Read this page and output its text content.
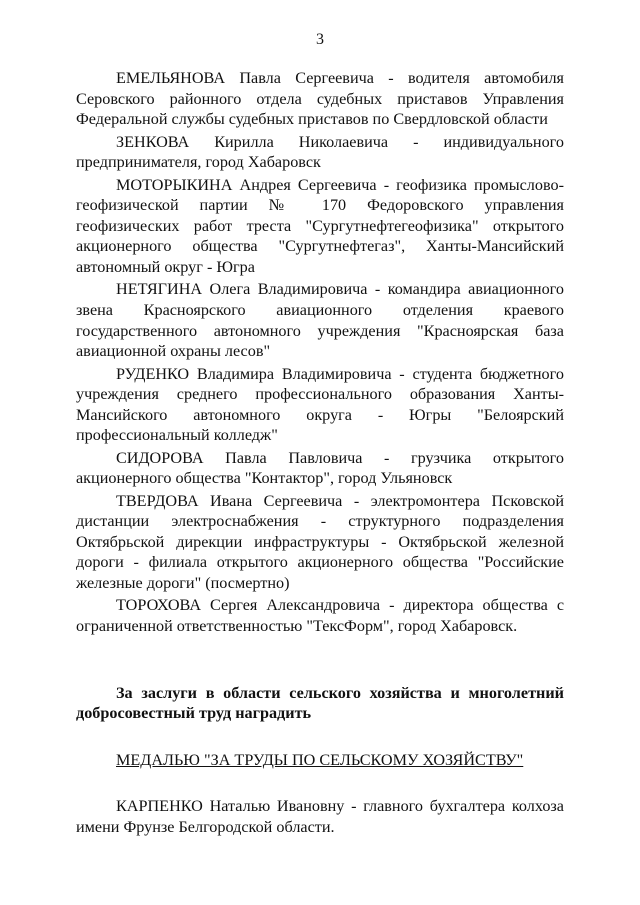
3

ЕМЕЛЬЯНОВА Павла Сергеевича - водителя автомобиля Серовского районного отдела судебных приставов Управления Федеральной службы судебных приставов по Свердловской области

ЗЕНКОВА Кирилла Николаевича - индивидуального предпринимателя, город Хабаровск

МОТОРЫКИНА Андрея Сергеевича - геофизика промыслово-геофизической партии № 170 Федоровского управления геофизических работ треста "Сургутнефтегеофизика" открытого акционерного общества "Сургутнефтегаз", Ханты-Мансийский автономный округ - Югра

НЕТЯГИНА Олега Владимировича - командира авиационного звена Красноярского авиационного отделения краевого государственного автономного учреждения "Красноярская база авиационной охраны лесов"

РУДЕНКО Владимира Владимировича - студента бюджетного учреждения среднего профессионального образования Ханты-Мансийского автономного округа - Югры "Белоярский профессиональный колледж"

СИДОРОВА Павла Павловича - грузчика открытого акционерного общества "Контактор", город Ульяновск

ТВЕРДОВА Ивана Сергеевича - электромонтера Псковской дистанции электроснабжения - структурного подразделения Октябрьской дирекции инфраструктуры - Октябрьской железной дороги - филиала открытого акционерного общества "Российские железные дороги" (посмертно)

ТОРОХОВА Сергея Александровича - директора общества с ограниченной ответственностью "ТексФорм", город Хабаровск.

За заслуги в области сельского хозяйства и многолетний добросовестный труд наградить

МЕДАЛЬЮ "ЗА ТРУДЫ ПО СЕЛЬСКОМУ ХОЗЯЙСТВУ"

КАРПЕНКО Наталью Ивановну - главного бухгалтера колхоза имени Фрунзе Белгородской области.
